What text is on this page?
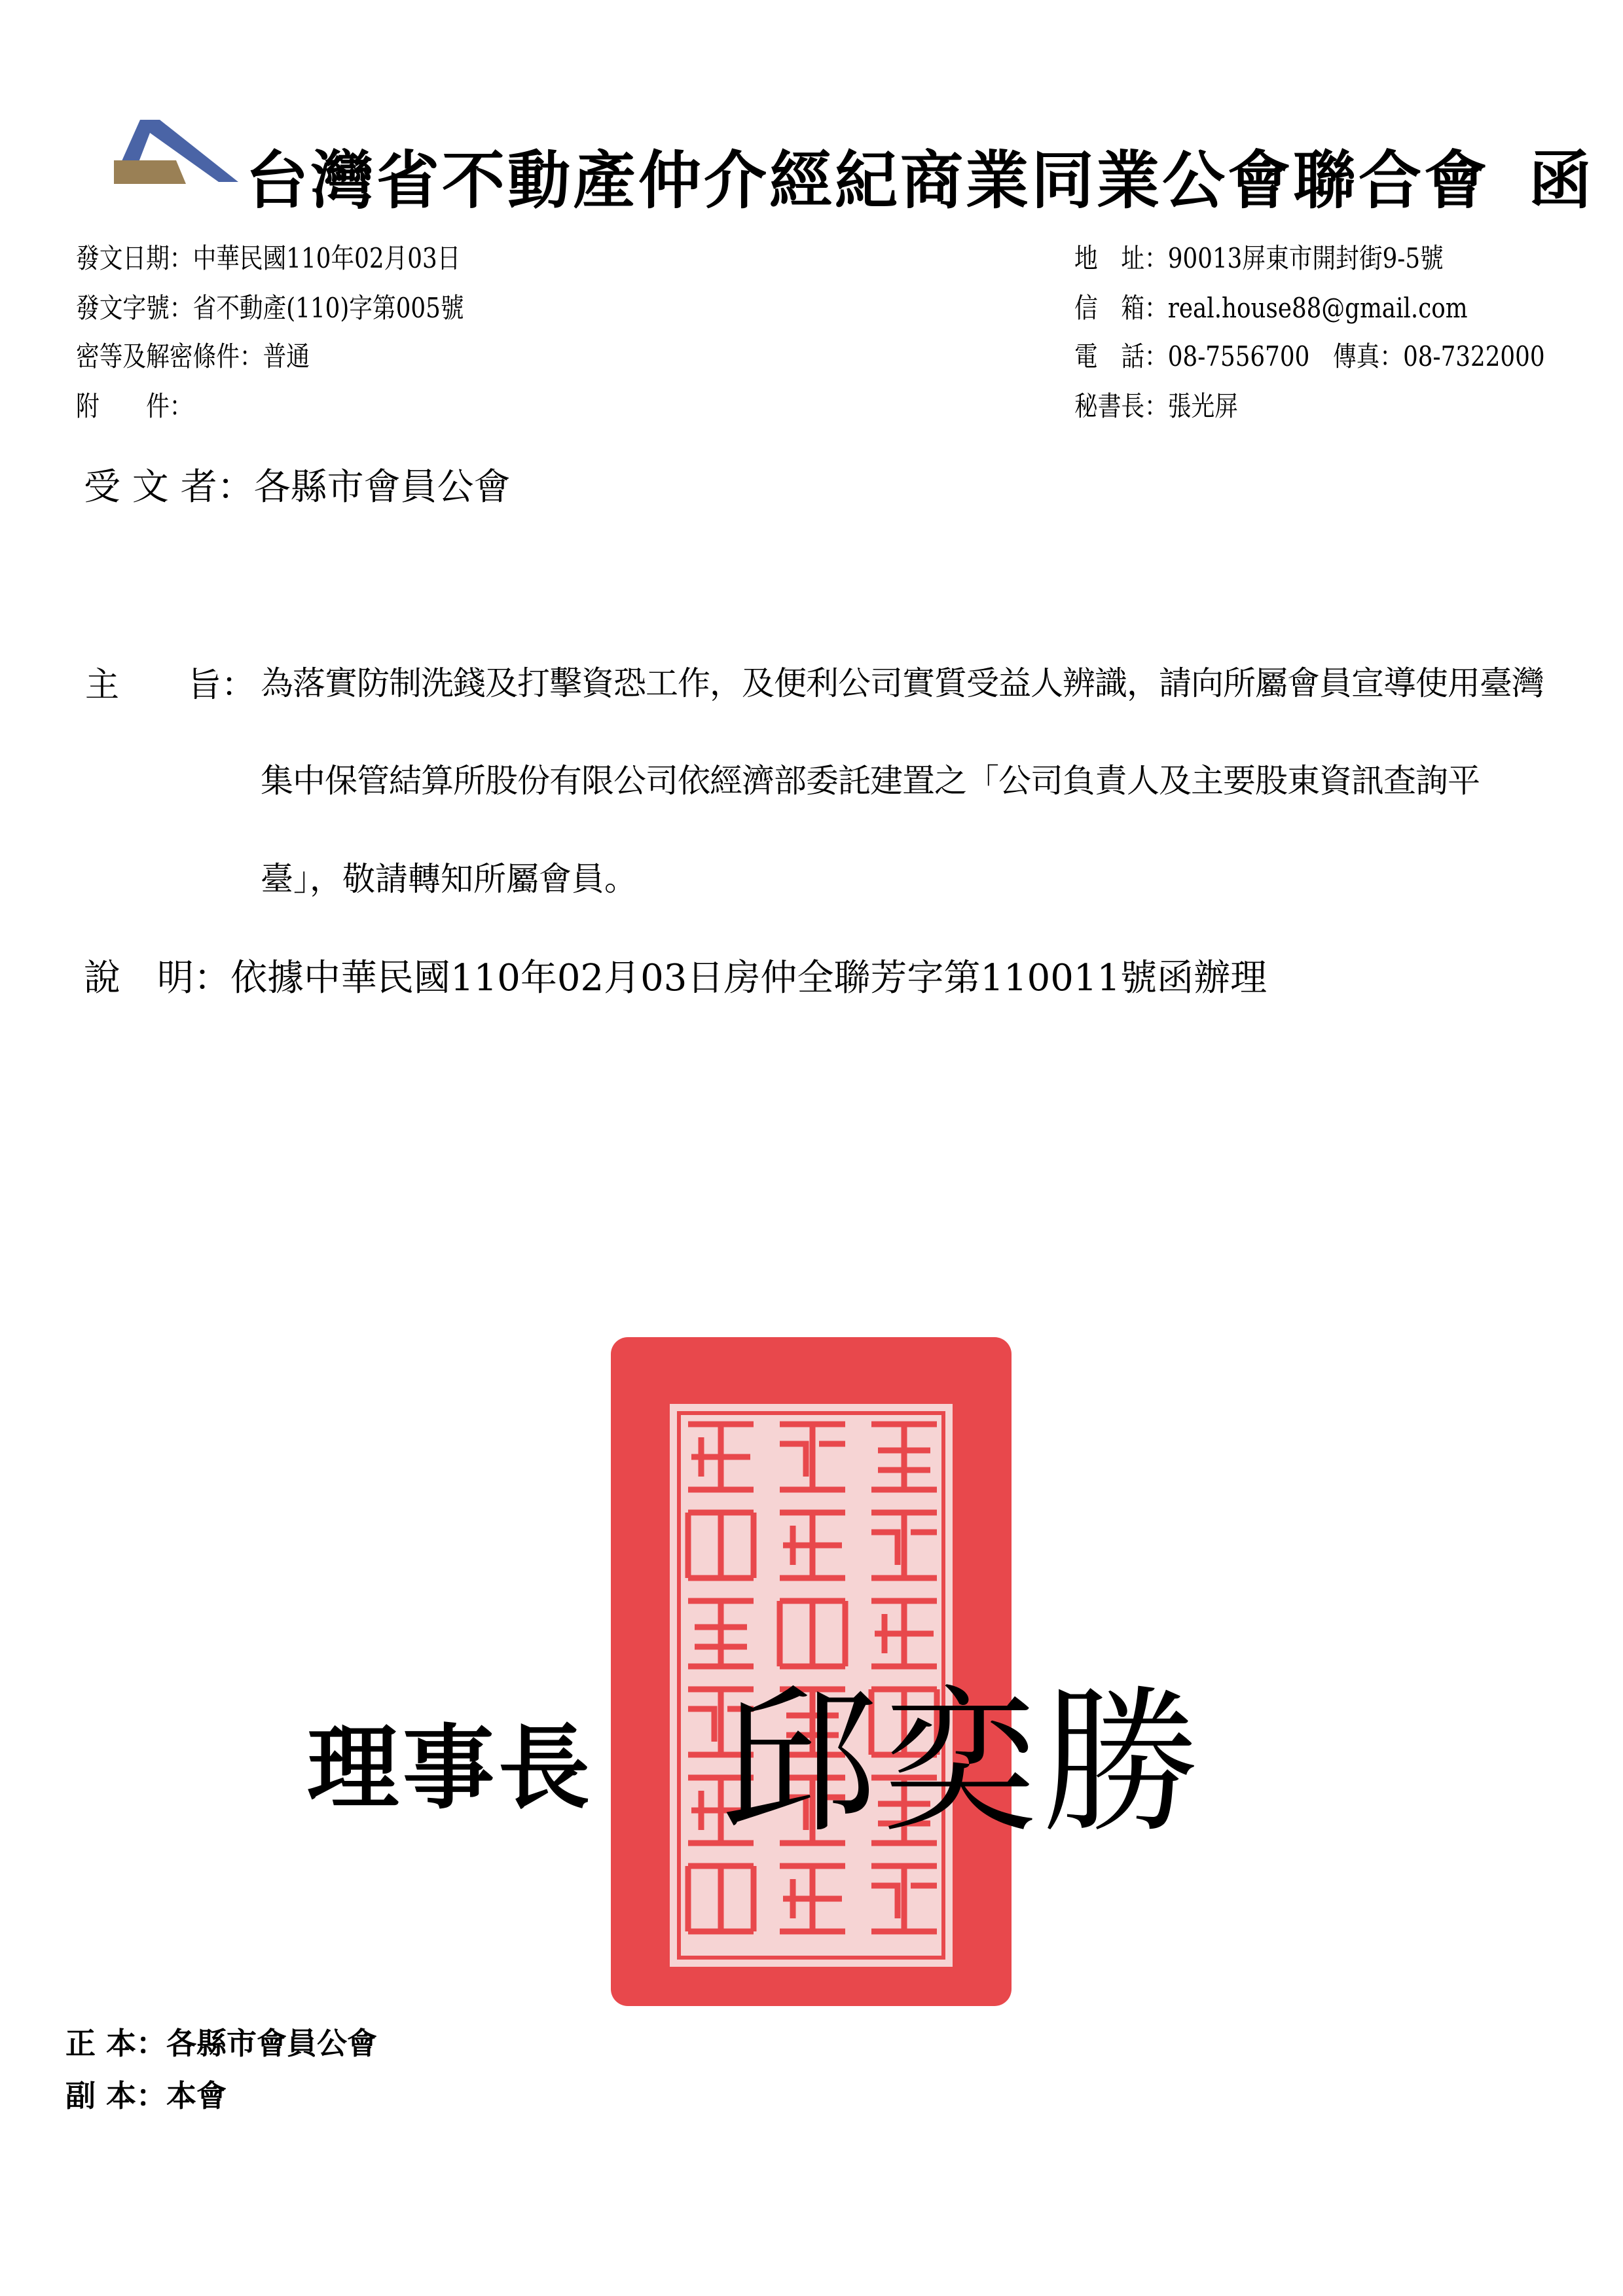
台灣省不動產仲介經紀商業同業公會聯合會 函
發文日期：中華民國110年02月03日
發文字號：省不動產(110)字第005號
密等及解密條件：普通
附　　件：
地　址：90013屏東市開封街9-5號
信　箱：real.house88@gmail.com
電　話：08-7556700　傳真：08-7322000
秘書長：張光屏
受 文 者：各縣市會員公會
主　　旨： 為落實防制洗錢及打擊資恐工作，及便利公司實質受益人辨識，請向所屬會員宣導使用臺灣
集中保管結算所股份有限公司依經濟部委託建置之「公司負責人及主要股東資訊查詢平
臺」，敬請轉知所屬會員。
說　明：依據中華民國110年02月03日房仲全聯芳字第110011號函辦理
理事長 邱奕勝
正 本：各縣市會員公會
副 本：本會
